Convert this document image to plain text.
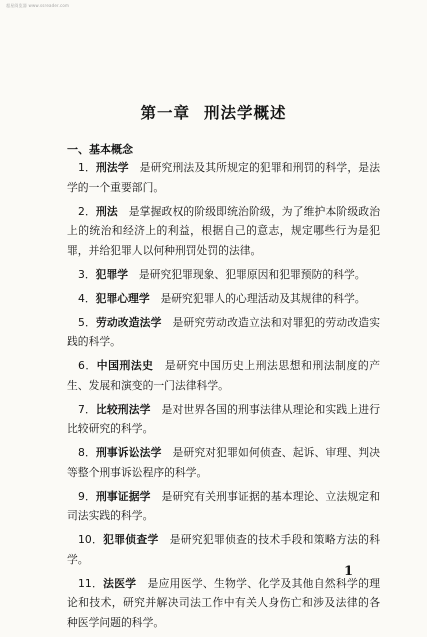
超星阅览器 www.ssreader.com
第一章 刑法学概述
一、基本概念

1．刑法学  是研究刑法及其所规定的犯罪和刑罚的科学，是法学的一个重要部门。

2．刑法  是掌握政权的阶级即统治阶级，为了维护本阶级政治上的统治和经济上的利益，根据自己的意志，规定哪些行为是犯罪，并给犯罪人以何种刑罚处罚的法律。

3．犯罪学  是研究犯罪现象、犯罪原因和犯罪预防的科学。

4．犯罪心理学  是研究犯罪人的心理活动及其规律的科学。

5．劳动改造法学  是研究劳动改造立法和对罪犯的劳动改造实践的科学。

6．中国刑法史  是研究中国历史上刑法思想和刑法制度的产生、发展和演变的一门法律科学。

7．比较刑法学  是对世界各国的刑事法律从理论和实践上进行比较研究的科学。

8．刑事诉讼法学  是研究对犯罪如何侦查、起诉、审理、判决等整个刑事诉讼程序的科学。

9．刑事证据学  是研究有关刑事证据的基本理论、立法规定和司法实践的科学。

10．犯罪侦查学  是研究犯罪侦查的技术手段和策略方法的科学。

11．法医学  是应用医学、生物学、化学及其他自然科学的理论和技术，研究并解决司法工作中有关人身伤亡和涉及法律的各种医学问题的科学。

1
